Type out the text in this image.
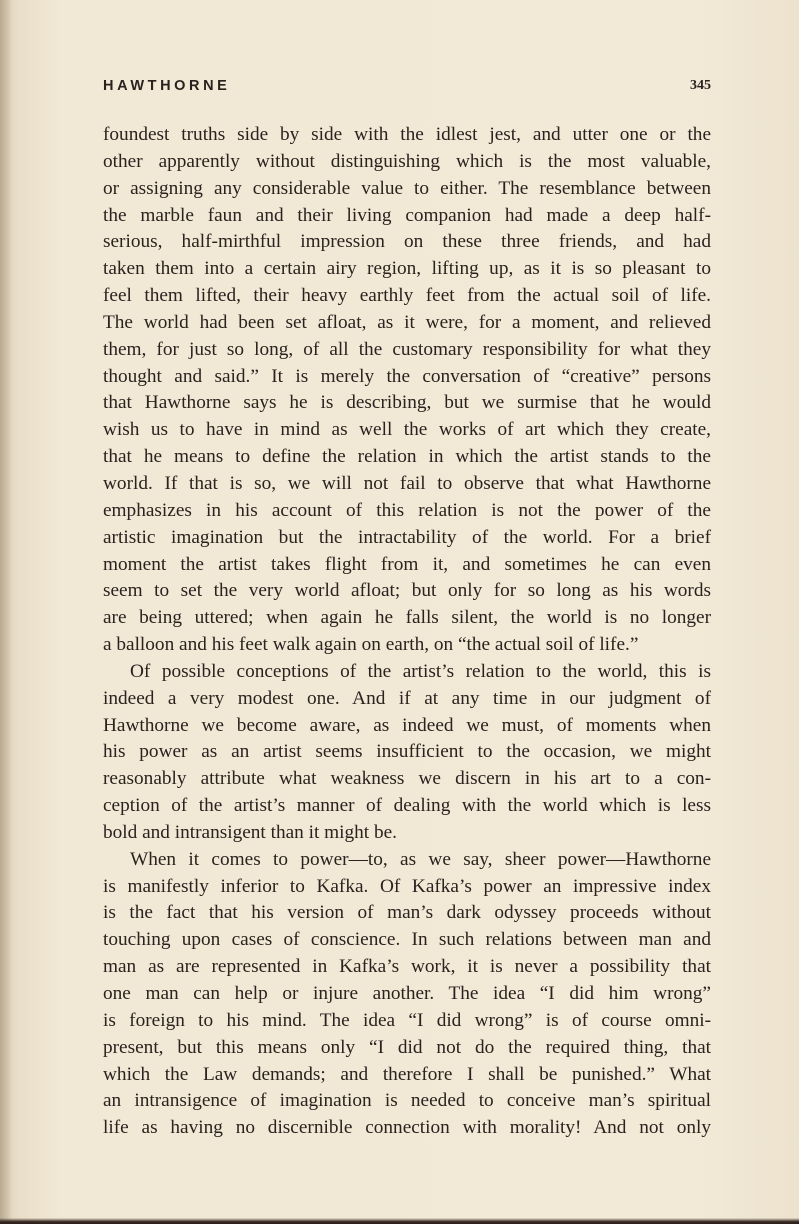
HAWTHORNE	345
foundest truths side by side with the idlest jest, and utter one or the
other apparently without distinguishing which is the most valuable,
or assigning any considerable value to either. The resemblance between
the marble faun and their living companion had made a deep half-
serious, half-mirthful impression on these three friends, and had
taken them into a certain airy region, lifting up, as it is so pleasant to
feel them lifted, their heavy earthly feet from the actual soil of life.
The world had been set afloat, as it were, for a moment, and relieved
them, for just so long, of all the customary responsibility for what they
thought and said.” It is merely the conversation of “creative” persons
that Hawthorne says he is describing, but we surmise that he would
wish us to have in mind as well the works of art which they create,
that he means to define the relation in which the artist stands to the
world. If that is so, we will not fail to observe that what Hawthorne
emphasizes in his account of this relation is not the power of the
artistic imagination but the intractability of the world. For a brief
moment the artist takes flight from it, and sometimes he can even
seem to set the very world afloat; but only for so long as his words
are being uttered; when again he falls silent, the world is no longer
a balloon and his feet walk again on earth, on “the actual soil of life.”
Of possible conceptions of the artist’s relation to the world, this is
indeed a very modest one. And if at any time in our judgment of
Hawthorne we become aware, as indeed we must, of moments when
his power as an artist seems insufficient to the occasion, we might
reasonably attribute what weakness we discern in his art to a con-
ception of the artist’s manner of dealing with the world which is less
bold and intransigent than it might be.
When it comes to power—to, as we say, sheer power—Hawthorne
is manifestly inferior to Kafka. Of Kafka’s power an impressive index
is the fact that his version of man’s dark odyssey proceeds without
touching upon cases of conscience. In such relations between man and
man as are represented in Kafka’s work, it is never a possibility that
one man can help or injure another. The idea “I did him wrong”
is foreign to his mind. The idea “I did wrong” is of course omni-
present, but this means only “I did not do the required thing, that
which the Law demands; and therefore I shall be punished.” What
an intransigence of imagination is needed to conceive man’s spiritual
life as having no discernible connection with morality! And not only
